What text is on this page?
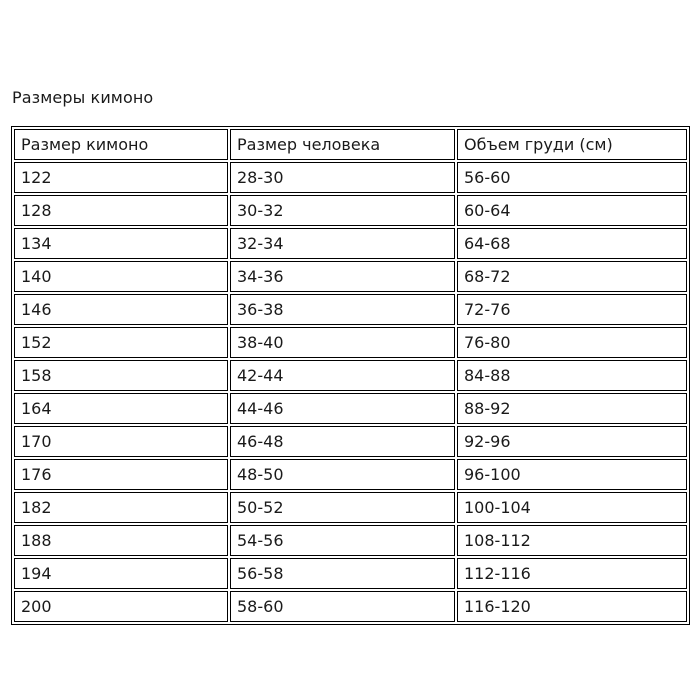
Размеры кимоно
Размер кимоно	Размер человека	Объем груди (см)
122	28-30	56-60
128	30-32	60-64
134	32-34	64-68
140	34-36	68-72
146	36-38	72-76
152	38-40	76-80
158	42-44	84-88
164	44-46	88-92
170	46-48	92-96
176	48-50	96-100
182	50-52	100-104
188	54-56	108-112
194	56-58	112-116
200	58-60	116-120
